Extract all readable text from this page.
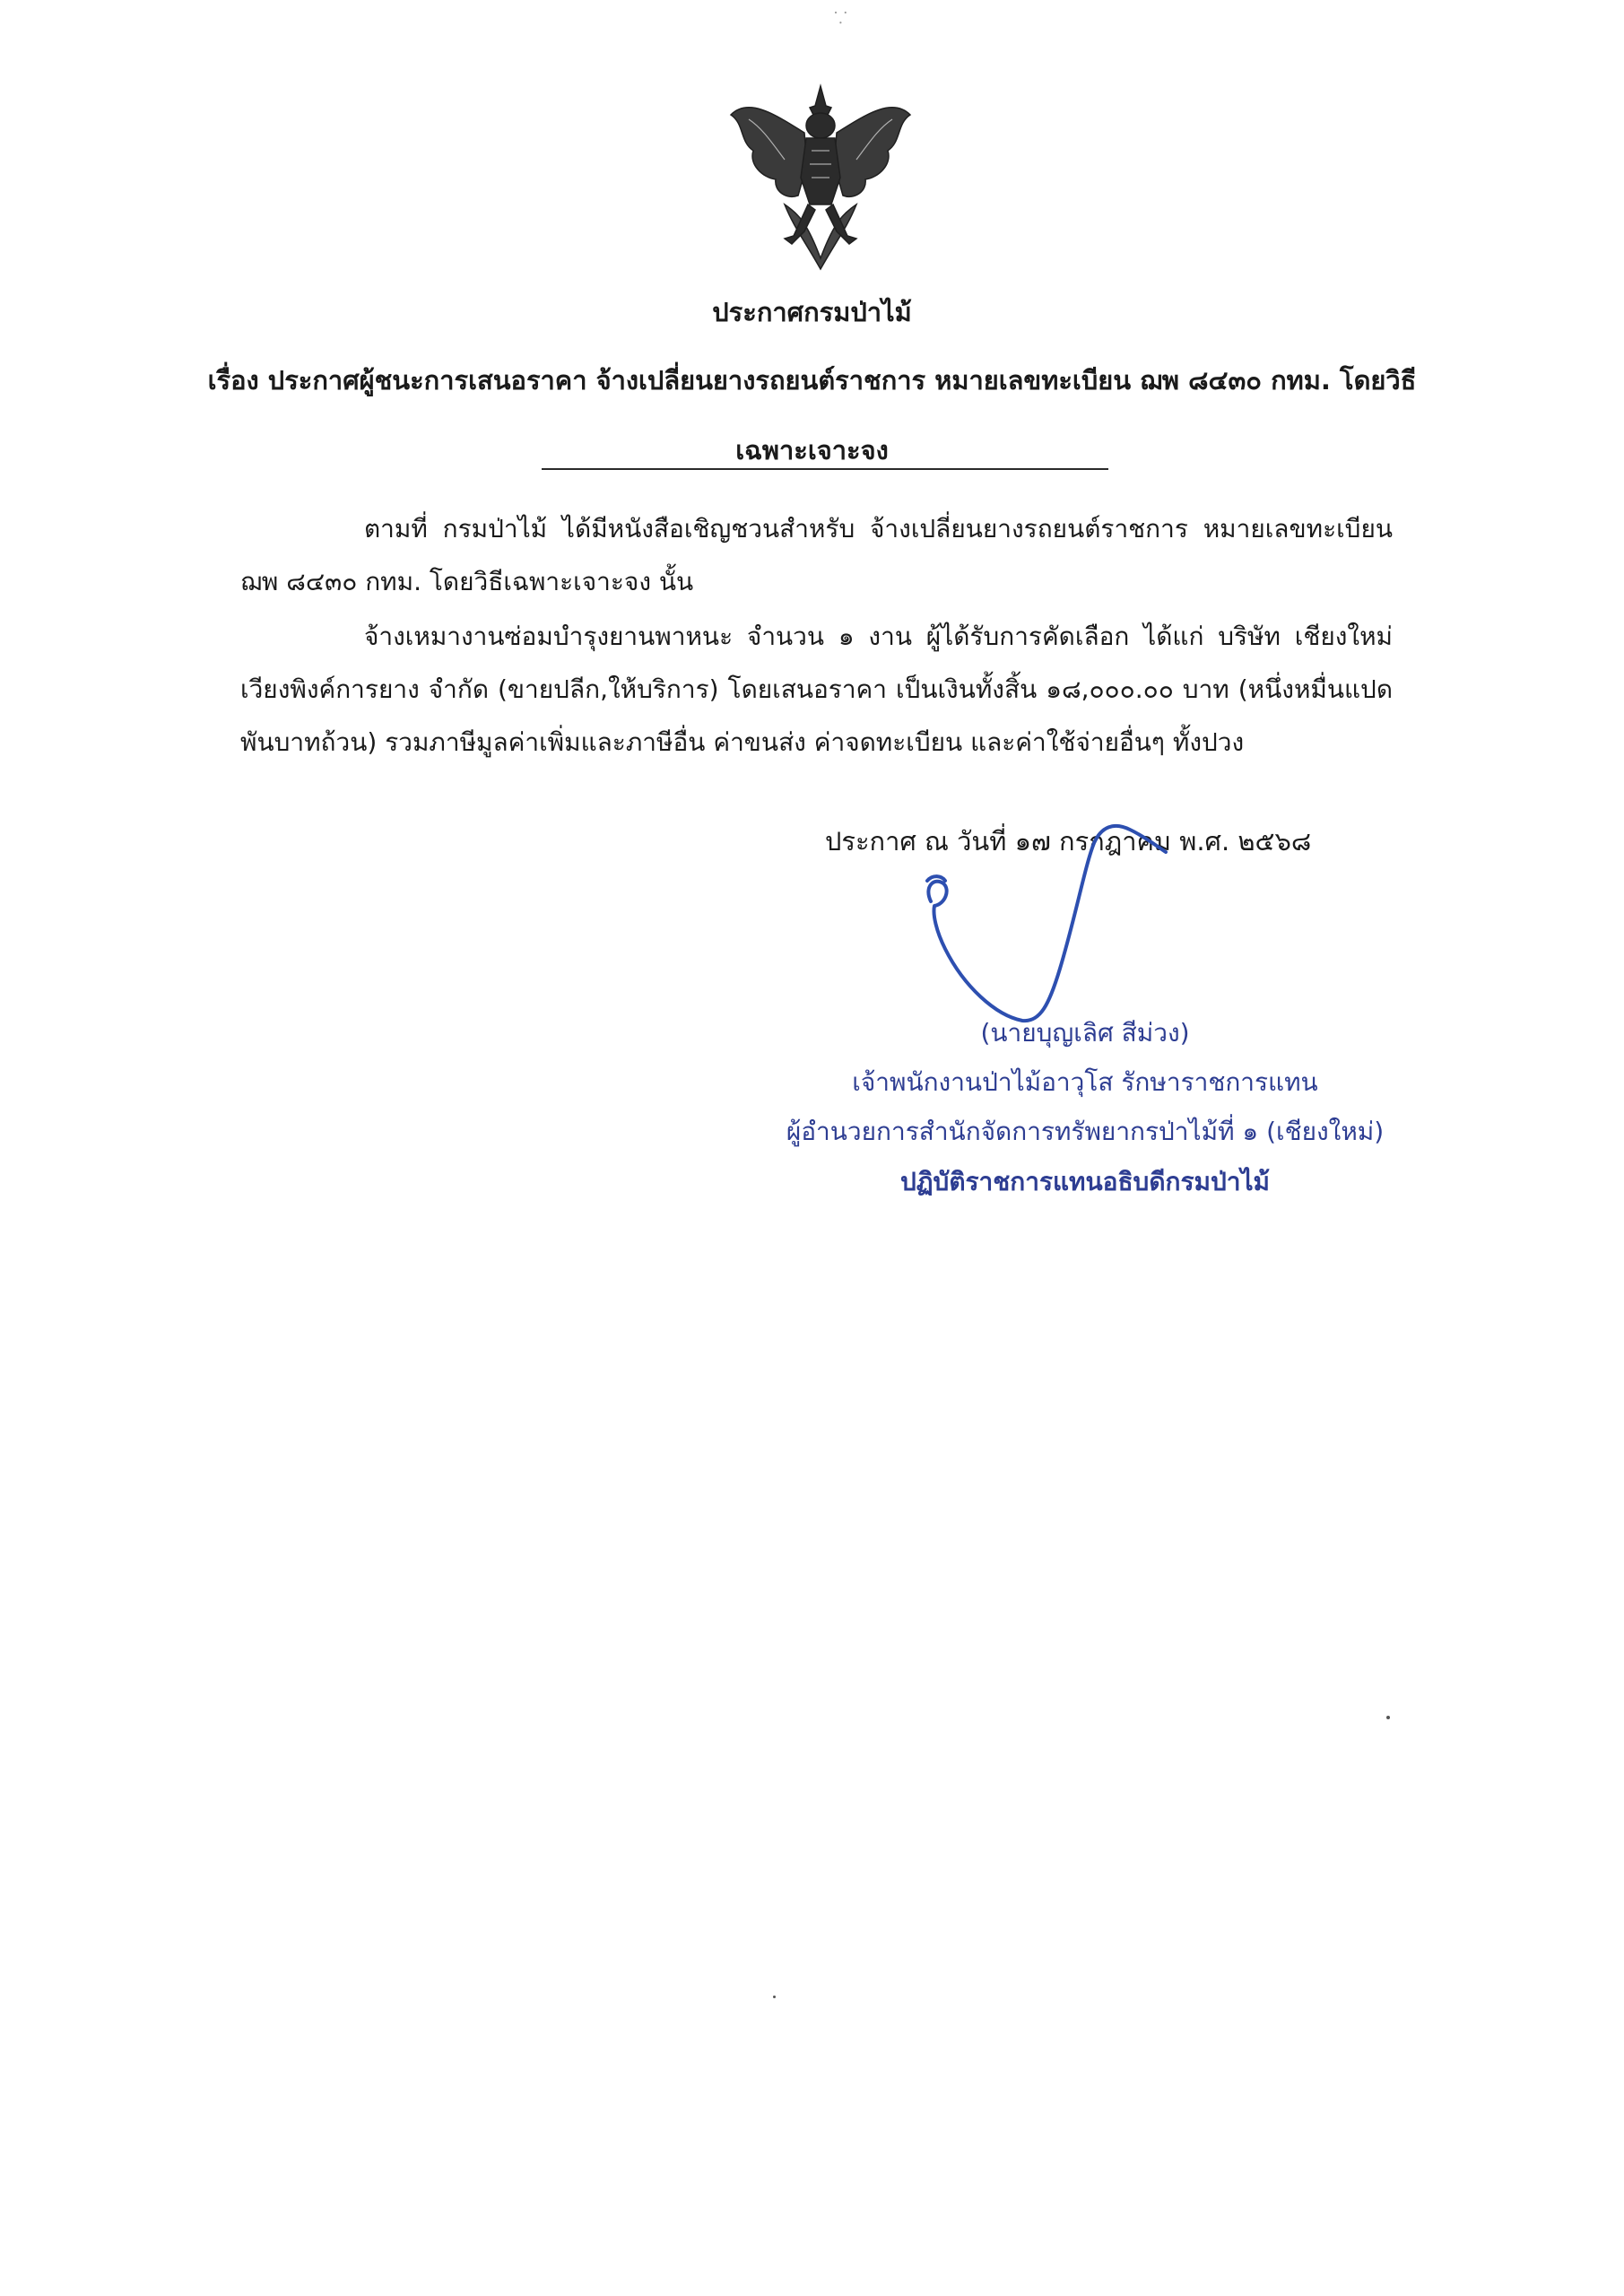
⸪
ประกาศกรมป่าไม้
เรื่อง ประกาศผู้ชนะการเสนอราคา จ้างเปลี่ยนยางรถยนต์ราชการ หมายเลขทะเบียน ฌพ ๘๔๓๐ กทม. โดยวิธีเฉพาะเจาะจง
ตามที่ กรมป่าไม้ ได้มีหนังสือเชิญชวนสำหรับ จ้างเปลี่ยนยางรถยนต์ราชการ หมายเลขทะเบียน ฌพ ๘๔๓๐ กทม. โดยวิธีเฉพาะเจาะจง นั้น
จ้างเหมางานซ่อมบำรุงยานพาหนะ จำนวน ๑ งาน ผู้ได้รับการคัดเลือก ได้แก่ บริษัท เชียงใหม่เวียงพิงค์การยาง จำกัด (ขายปลีก,ให้บริการ) โดยเสนอราคา เป็นเงินทั้งสิ้น ๑๘,๐๐๐.๐๐ บาท (หนึ่งหมื่นแปดพันบาทถ้วน) รวมภาษีมูลค่าเพิ่มและภาษีอื่น ค่าขนส่ง ค่าจดทะเบียน และค่าใช้จ่ายอื่นๆ ทั้งปวง
ประกาศ ณ วันที่ ๑๗ กรกฎาคม พ.ศ. ๒๕๖๘
(นายบุญเลิศ สีม่วง)
เจ้าพนักงานป่าไม้อาวุโส รักษาราชการแทน
ผู้อำนวยการสำนักจัดการทรัพยากรป่าไม้ที่ ๑ (เชียงใหม่)
ปฏิบัติราชการแทนอธิบดีกรมป่าไม้
